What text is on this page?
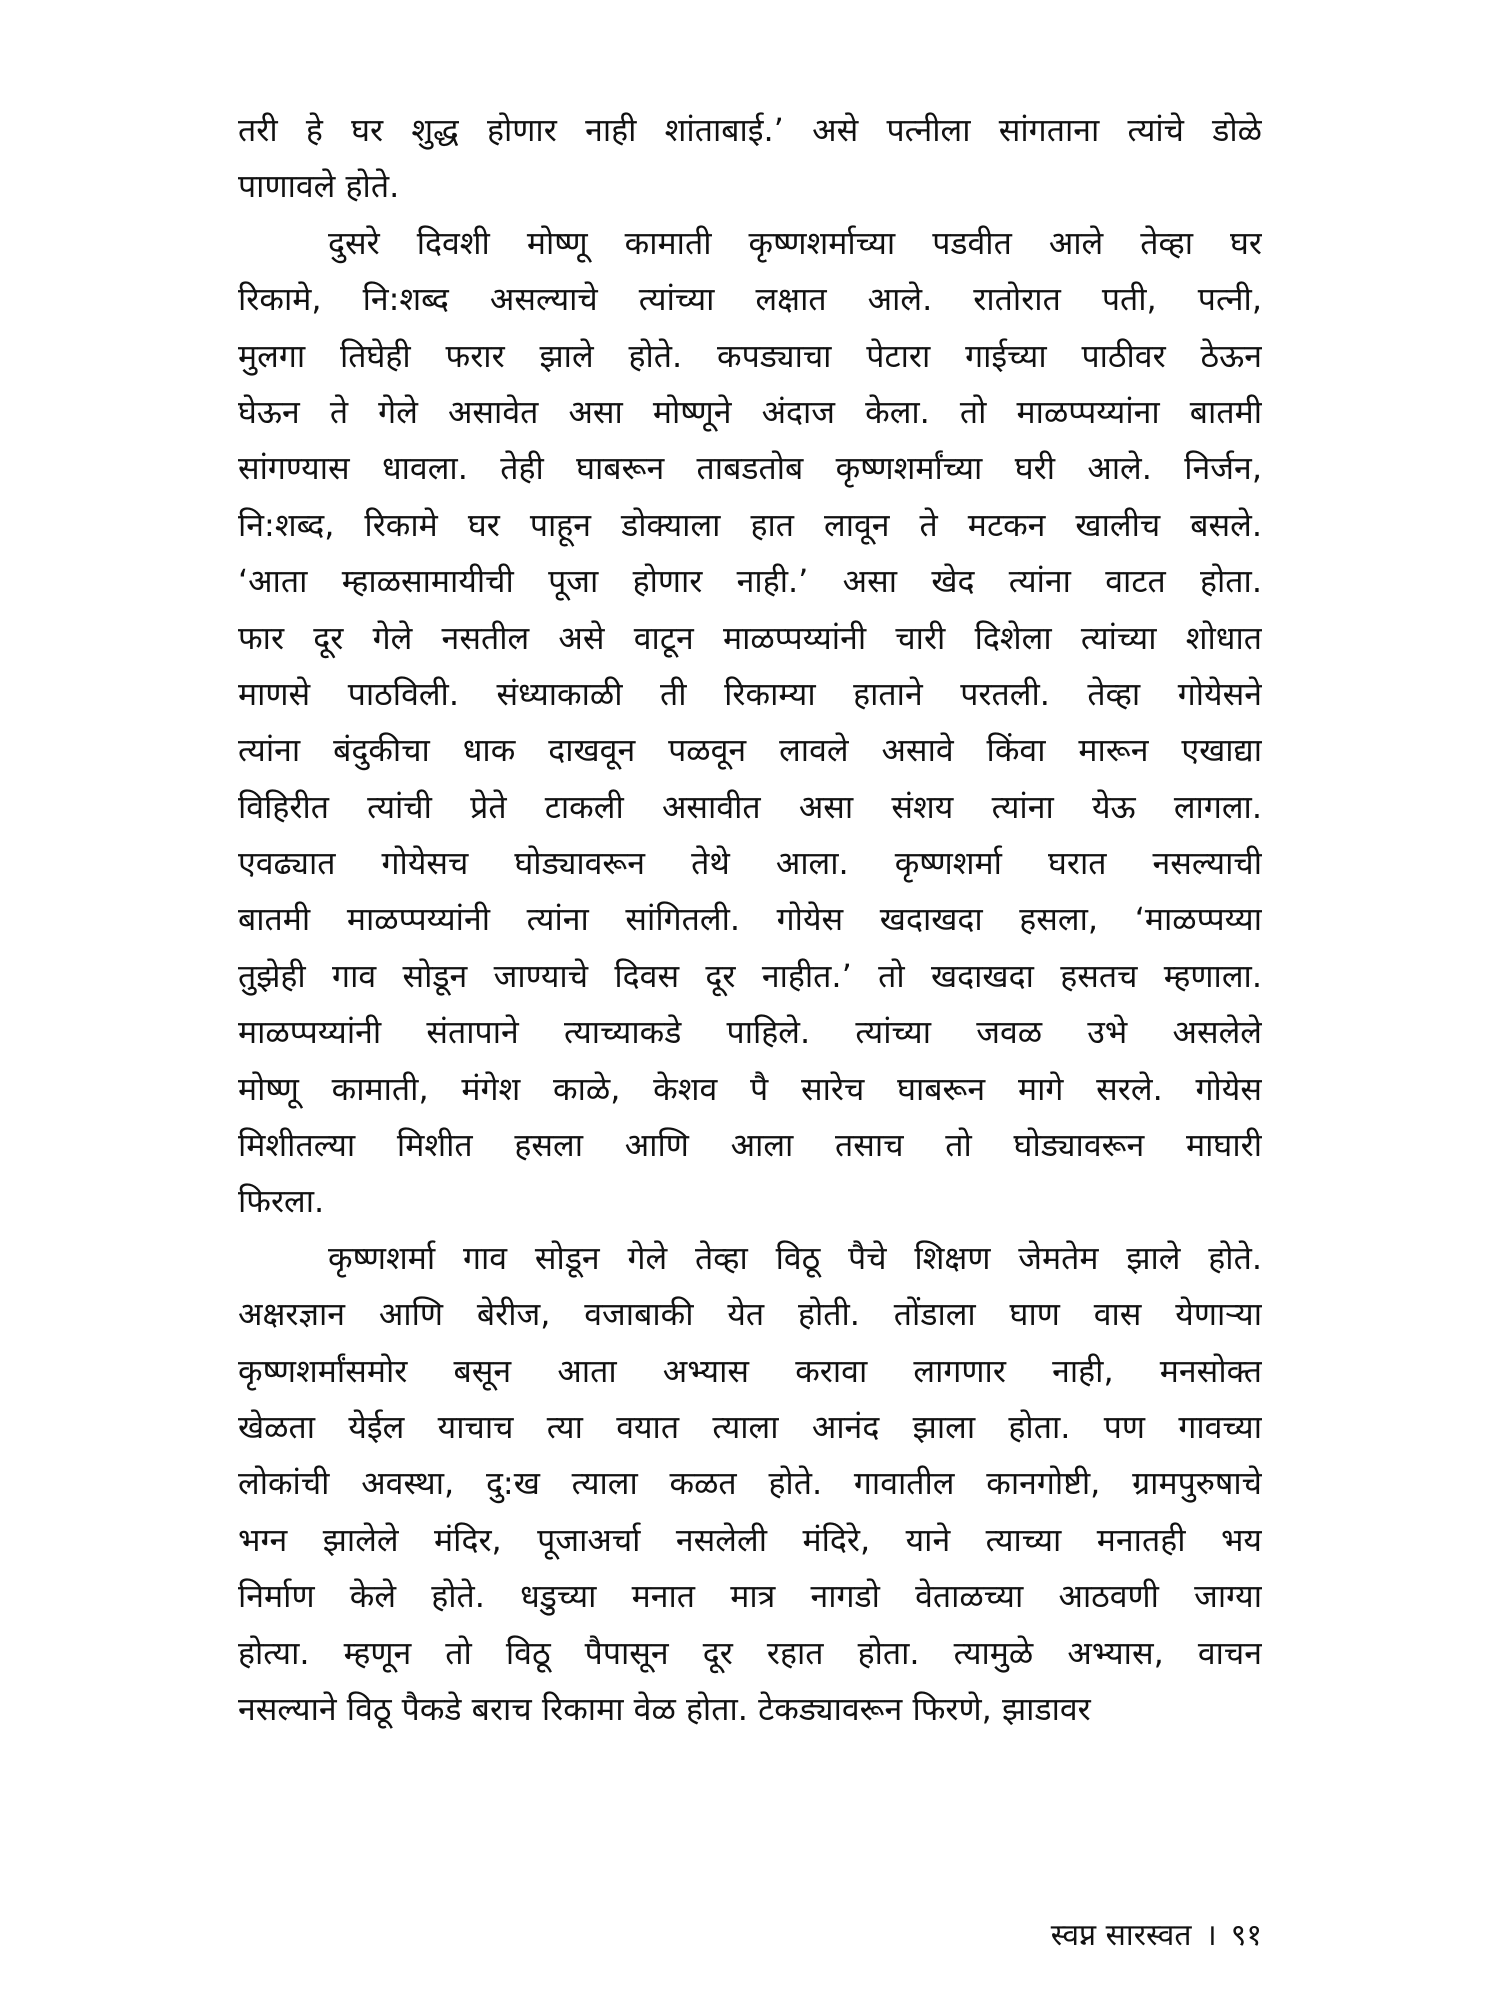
तरी हे घर शुद्ध होणार नाही शांताबाई.’ असे पत्नीला सांगताना त्यांचे डोळे
पाणावले होते.
दुसरे दिवशी मोष्णू कामाती कृष्णशर्माच्या पडवीत आले तेव्हा घर
रिकामे, नि:शब्द असल्याचे त्यांच्या लक्षात आले. रातोरात पती, पत्नी,
मुलगा तिघेही फरार झाले होते. कपड्याचा पेटारा गाईच्या पाठीवर ठेऊन
घेऊन ते गेले असावेत असा मोष्णूने अंदाज केला. तो माळप्पय्यांना बातमी
सांगण्यास धावला. तेही घाबरून ताबडतोब कृष्णशर्मांच्या घरी आले. निर्जन,
नि:शब्द, रिकामे घर पाहून डोक्याला हात लावून ते मटकन खालीच बसले.
‘आता म्हाळसामायीची पूजा होणार नाही.’ असा खेद त्यांना वाटत होता.
फार दूर गेले नसतील असे वाटून माळप्पय्यांनी चारी दिशेला त्यांच्या शोधात
माणसे पाठविली. संध्याकाळी ती रिकाम्या हाताने परतली. तेव्हा गोयेसने
त्यांना बंदुकीचा धाक दाखवून पळवून लावले असावे किंवा मारून एखाद्या
विहिरीत त्यांची प्रेते टाकली असावीत असा संशय त्यांना येऊ लागला.
एवढ्यात गोयेसच घोड्यावरून तेथे आला. कृष्णशर्मा घरात नसल्याची
बातमी माळप्पय्यांनी त्यांना सांगितली. गोयेस खदाखदा हसला, ‘माळप्पय्या
तुझेही गाव सोडून जाण्याचे दिवस दूर नाहीत.’ तो खदाखदा हसतच म्हणाला.
माळप्पय्यांनी संतापाने त्याच्याकडे पाहिले. त्यांच्या जवळ उभे असलेले
मोष्णू कामाती, मंगेश काळे, केशव पै सारेच घाबरून मागे सरले. गोयेस
मिशीतल्या मिशीत हसला आणि आला तसाच तो घोड्यावरून माघारी
फिरला.
कृष्णशर्मा गाव सोडून गेले तेव्हा विठू पैचे शिक्षण जेमतेम झाले होते.
अक्षरज्ञान आणि बेरीज, वजाबाकी येत होती. तोंडाला घाण वास येणाऱ्या
कृष्णशर्मांसमोर बसून आता अभ्यास करावा लागणार नाही, मनसोक्त
खेळता येईल याचाच त्या वयात त्याला आनंद झाला होता. पण गावच्या
लोकांची अवस्था, दु:ख त्याला कळत होते. गावातील कानगोष्टी, ग्रामपुरुषाचे
भग्न झालेले मंदिर, पूजाअर्चा नसलेली मंदिरे, याने त्याच्या मनातही भय
निर्माण केले होते. धडुच्या मनात मात्र नागडो वेताळच्या आठवणी जाग्या
होत्या. म्हणून तो विठू पैपासून दूर रहात होता. त्यामुळे अभ्यास, वाचन
नसल्याने विठू पैकडे बराच रिकामा वेळ होता. टेकड्यावरून फिरणे, झाडावर
स्वप्न सारस्वत । ९१
